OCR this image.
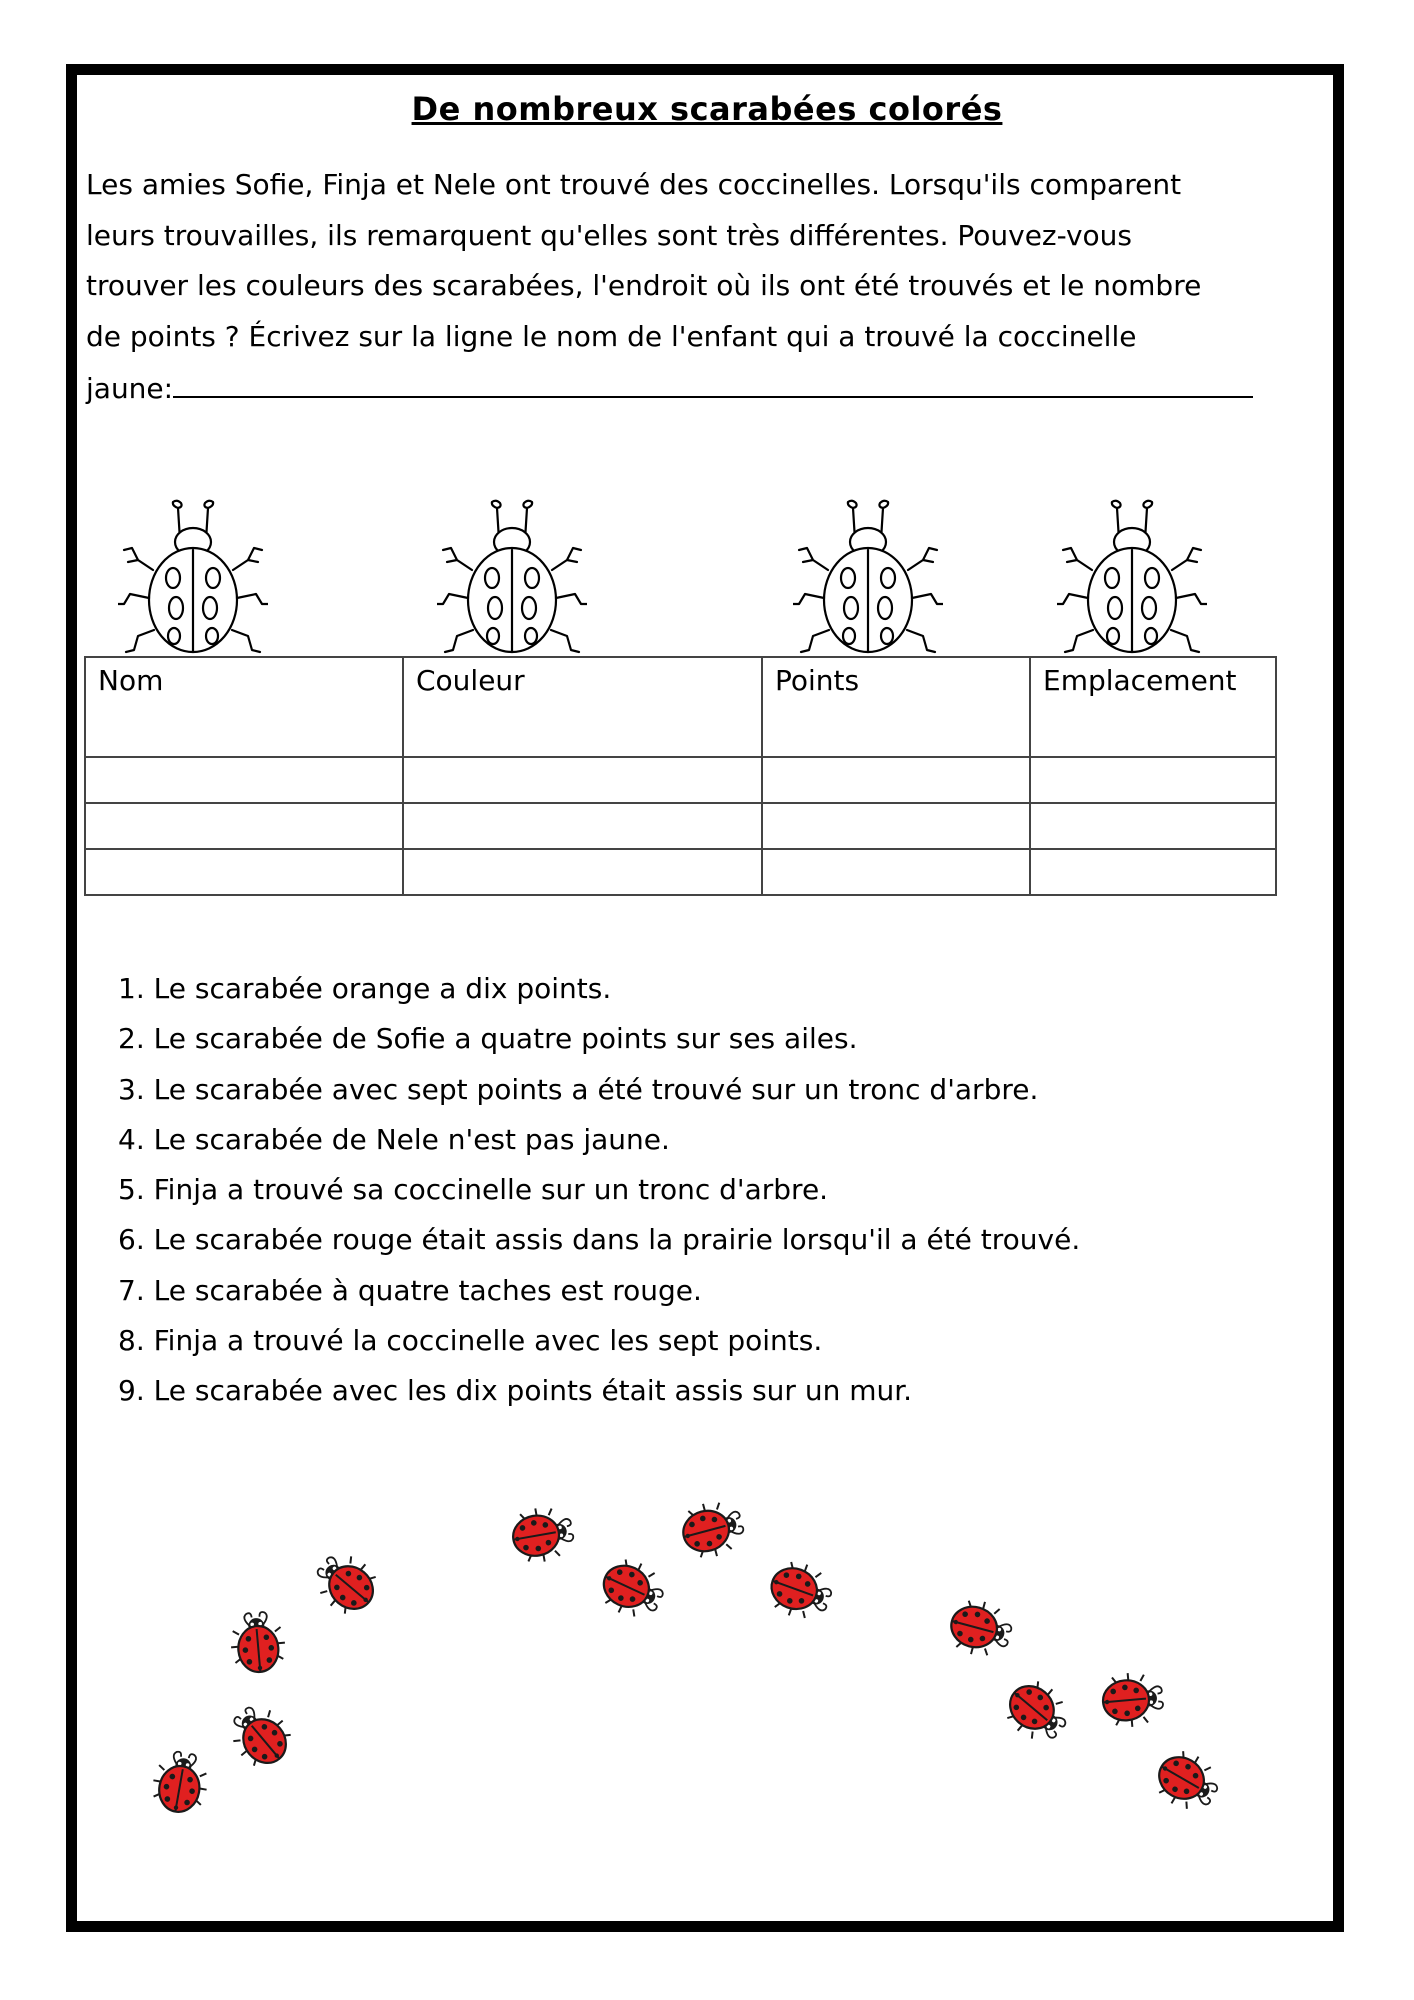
De nombreux scarabées colorés

Les amies Sofie, Finja et Nele ont trouvé des coccinelles. Lorsqu'ils comparent

leurs trouvailles, ils remarquent qu'elles sont très différentes. Pouvez-vous

trouver les couleurs des scarabées, l'endroit où ils ont été trouvés et le nombre

de points ? Écrivez sur la ligne le nom de l'enfant qui a trouvé la coccinelle

jaune:

Nom	Couleur	Points	Emplacement

1. Le scarabée orange a dix points.
2. Le scarabée de Sofie a quatre points sur ses ailes.
3. Le scarabée avec sept points a été trouvé sur un tronc d'arbre.
4. Le scarabée de Nele n'est pas jaune.
5. Finja a trouvé sa coccinelle sur un tronc d'arbre.
6. Le scarabée rouge était assis dans la prairie lorsqu'il a été trouvé.
7. Le scarabée à quatre taches est rouge.
8. Finja a trouvé la coccinelle avec les sept points.
9. Le scarabée avec les dix points était assis sur un mur.
